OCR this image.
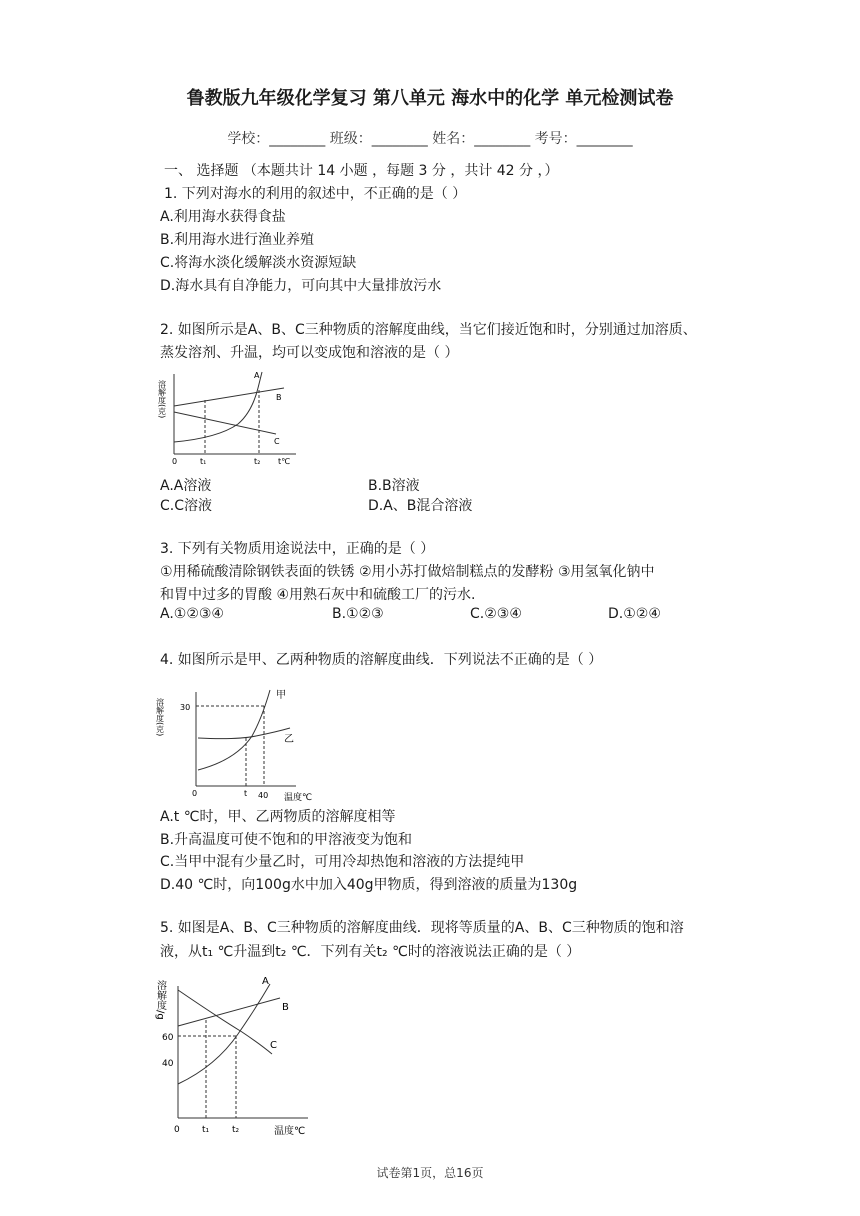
鲁教版九年级化学复习 第八单元 海水中的化学 单元检测试卷
学校：________ 班级：________ 姓名：________ 考号：________
一、 选择题 （本题共计 14 小题 ，每题 3 分 ，共计 42 分 ，）
1. 下列对海水的利用的叙述中，不正确的是（ ）
A.利用海水获得食盐
B.利用海水进行渔业养殖
C.将海水淡化缓解淡水资源短缺
D.海水具有自净能力，可向其中大量排放污水
2. 如图所示是A、B、C三种物质的溶解度曲线，当它们接近饱和时，分别通过加溶质、
蒸发溶剂、升温，均可以变成饱和溶液的是（ ）
溶解度(克)
0	t₁	t₂ t℃
A
B
C
A.A溶液	B.B溶液
C.C溶液	D.A、B混合溶液
3. 下列有关物质用途说法中，正确的是（ ）
①用稀硫酸清除钢铁表面的铁锈 ②用小苏打做焙制糕点的发酵粉 ③用氢氧化钠中
和胃中过多的胃酸 ④用熟石灰中和硫酸工厂的污水.
A.①②③④	B.①②③	C.②③④	D.①②④
4. 如图所示是甲、乙两种物质的溶解度曲线．下列说法不正确的是（ ）
溶解度(克) 30
0	t 40 温度℃
甲
乙
A.t ℃时，甲、乙两物质的溶解度相等
B.升高温度可使不饱和的甲溶液变为饱和
C.当甲中混有少量乙时，可用冷却热饱和溶液的方法提纯甲
D.40 ℃时，向100g水中加入40g甲物质，得到溶液的质量为130g
5. 如图是A、B、C三种物质的溶解度曲线．现将等质量的A、B、C三种物质的饱和溶
液，从t₁ ℃升温到t₂ ℃．下列有关t₂ ℃时的溶液说法正确的是（ ）
溶解度/g
60
40
0 t₁	t₂	温度℃
A
B
C
试卷第1页，总16页
